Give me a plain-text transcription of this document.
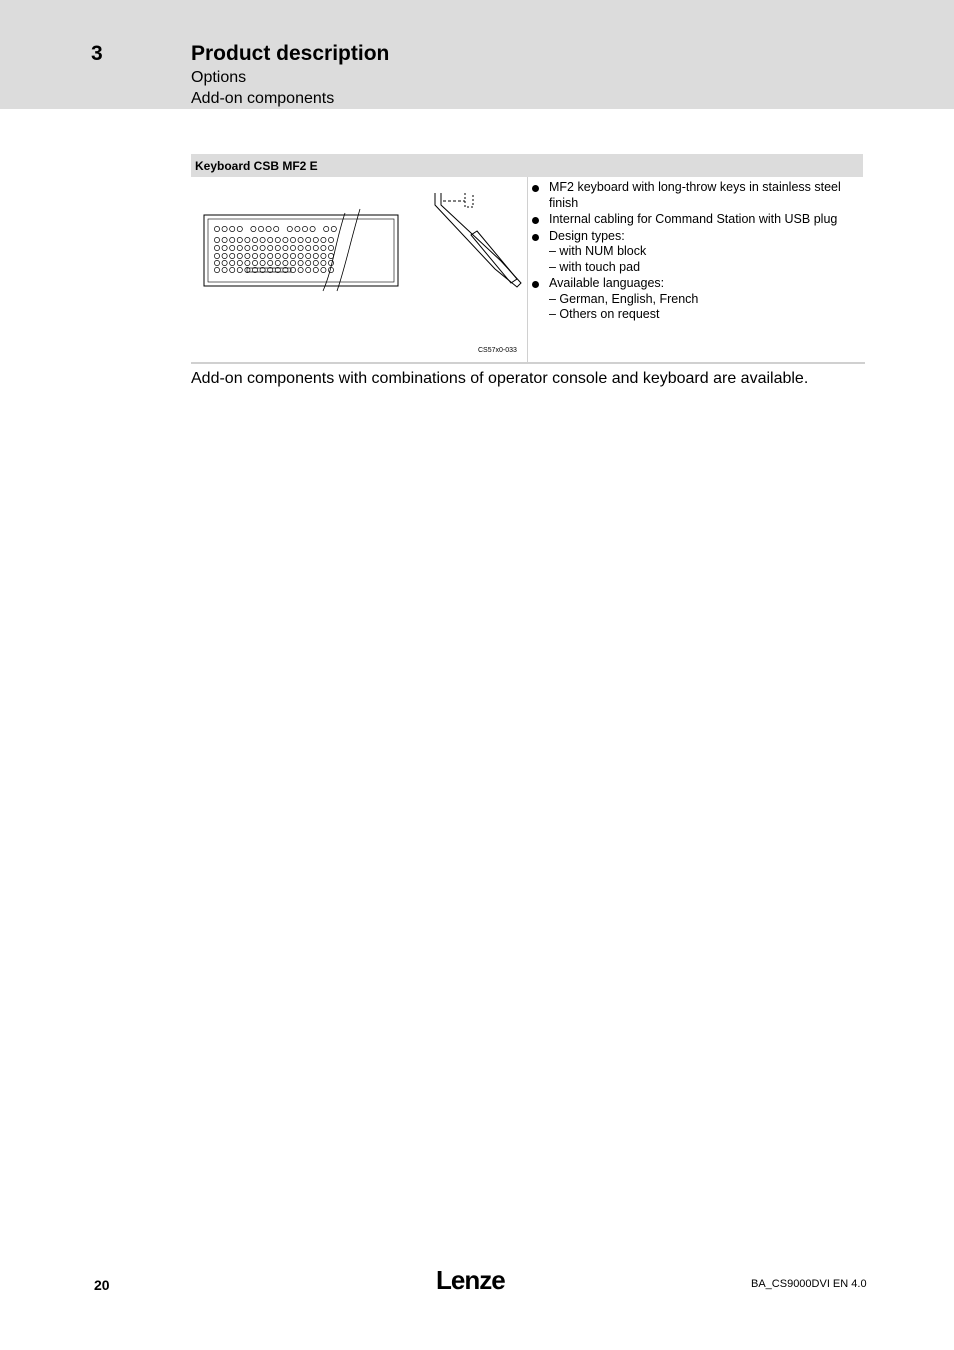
3	Product description
Options
Add-on components
Keyboard CSB MF2 E
MF2 keyboard with long-throw keys in stainless steel finish
Internal cabling for Command Station with USB plug
Design types:
– with NUM block
– with touch pad
Available languages:
– German, English, French
– Others on request
CS57x0-033
Add-on components with combinations of operator console and keyboard are available.
20	Lenze	BA_CS9000DVI EN 4.0
